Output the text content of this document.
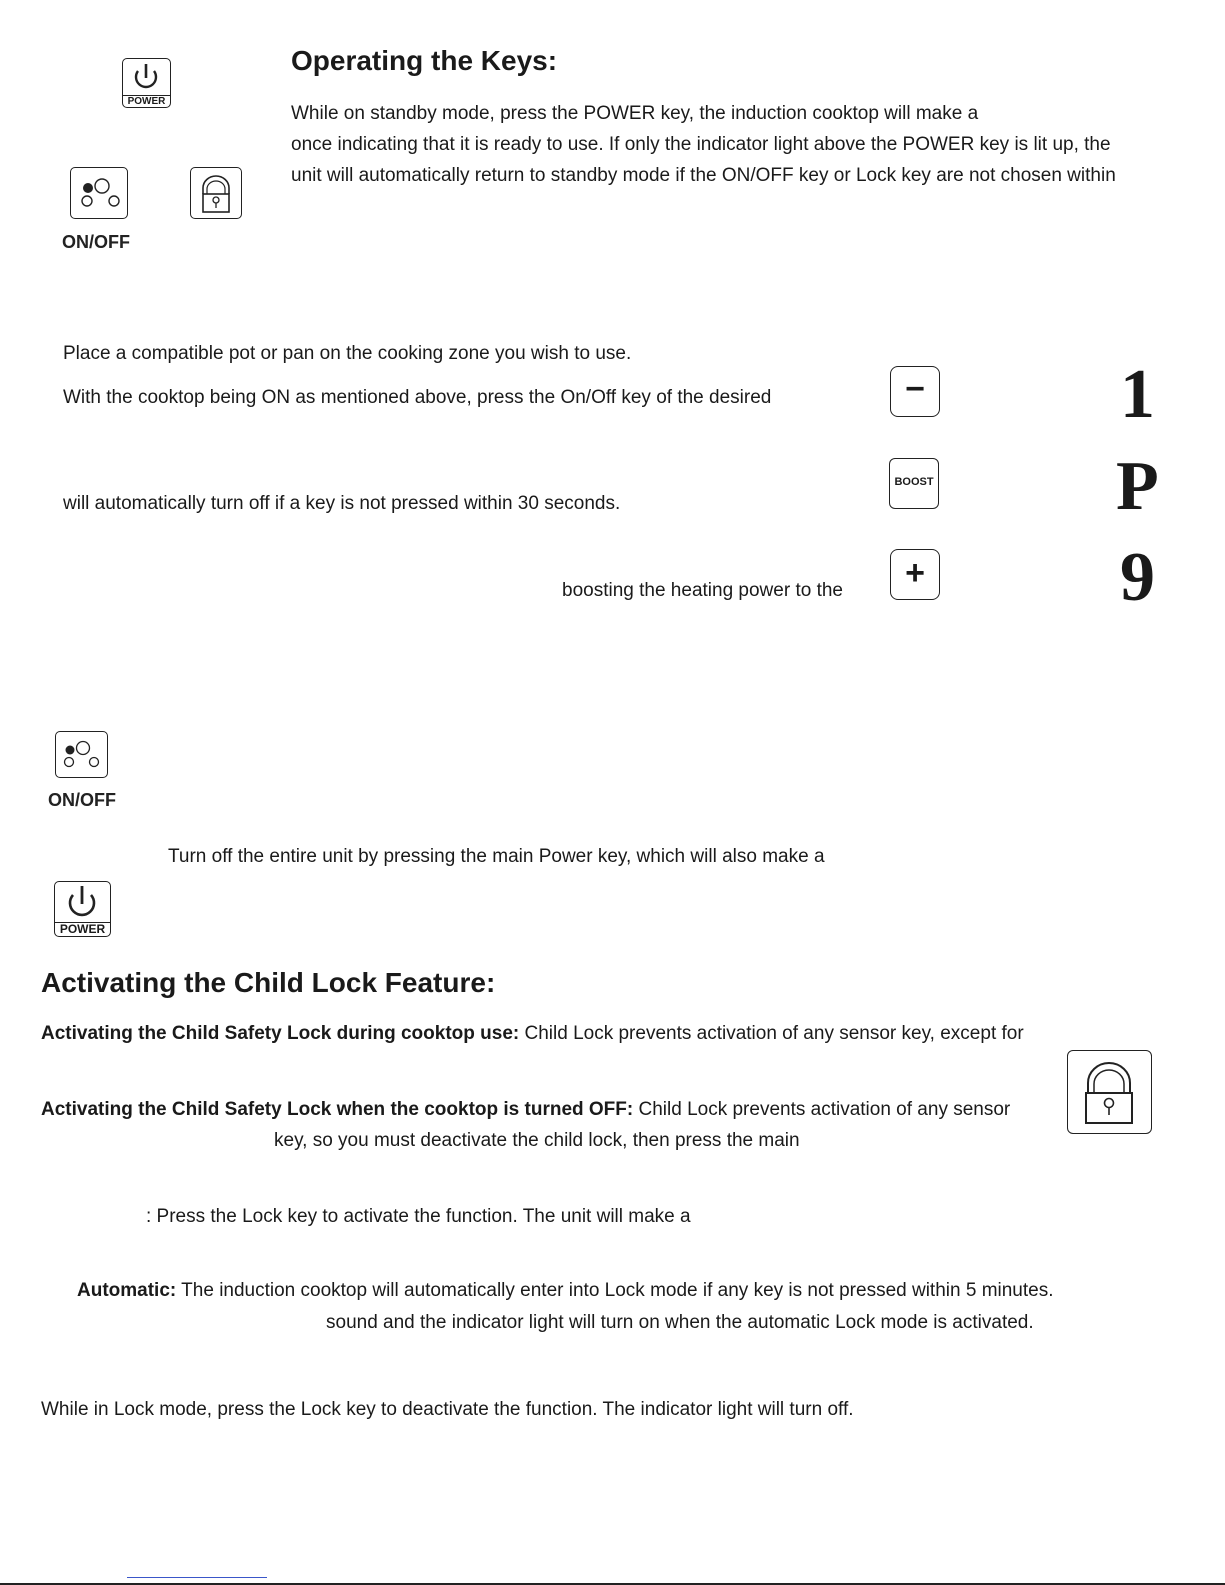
POWER
ON/OFF
Operating the Keys:
While on standby mode, press the POWER key, the induction cooktop will make a
once indicating that it is ready to use. If only the indicator light above the POWER key is lit up, the
unit will automatically return to standby mode if the ON/OFF key or Lock key are not chosen within
Place a compatible pot or pan on the cooking zone you wish to use.
With the cooktop being ON as mentioned above, press the On/Off key of the desired
will automatically turn off if a key is not pressed within 30 seconds.
boosting the heating power to the
−
BOOST
+
1
P
9
ON/OFF
Turn off the entire unit by pressing the main Power key, which will also make a
POWER
Activating the Child Lock Feature:
Activating the Child Safety Lock during cooktop use: Child Lock prevents activation of any sensor key, except for
Activating the Child Safety Lock when the cooktop is turned OFF: Child Lock prevents activation of any sensor
key, so you must deactivate the child lock, then press the main
: Press the Lock key to activate the function. The unit will make a
Automatic: The induction cooktop will automatically enter into Lock mode if any key is not pressed within 5 minutes.
sound and the indicator light will turn on when the automatic Lock mode is activated.
While in Lock mode, press the Lock key to deactivate the function. The indicator light will turn off.
